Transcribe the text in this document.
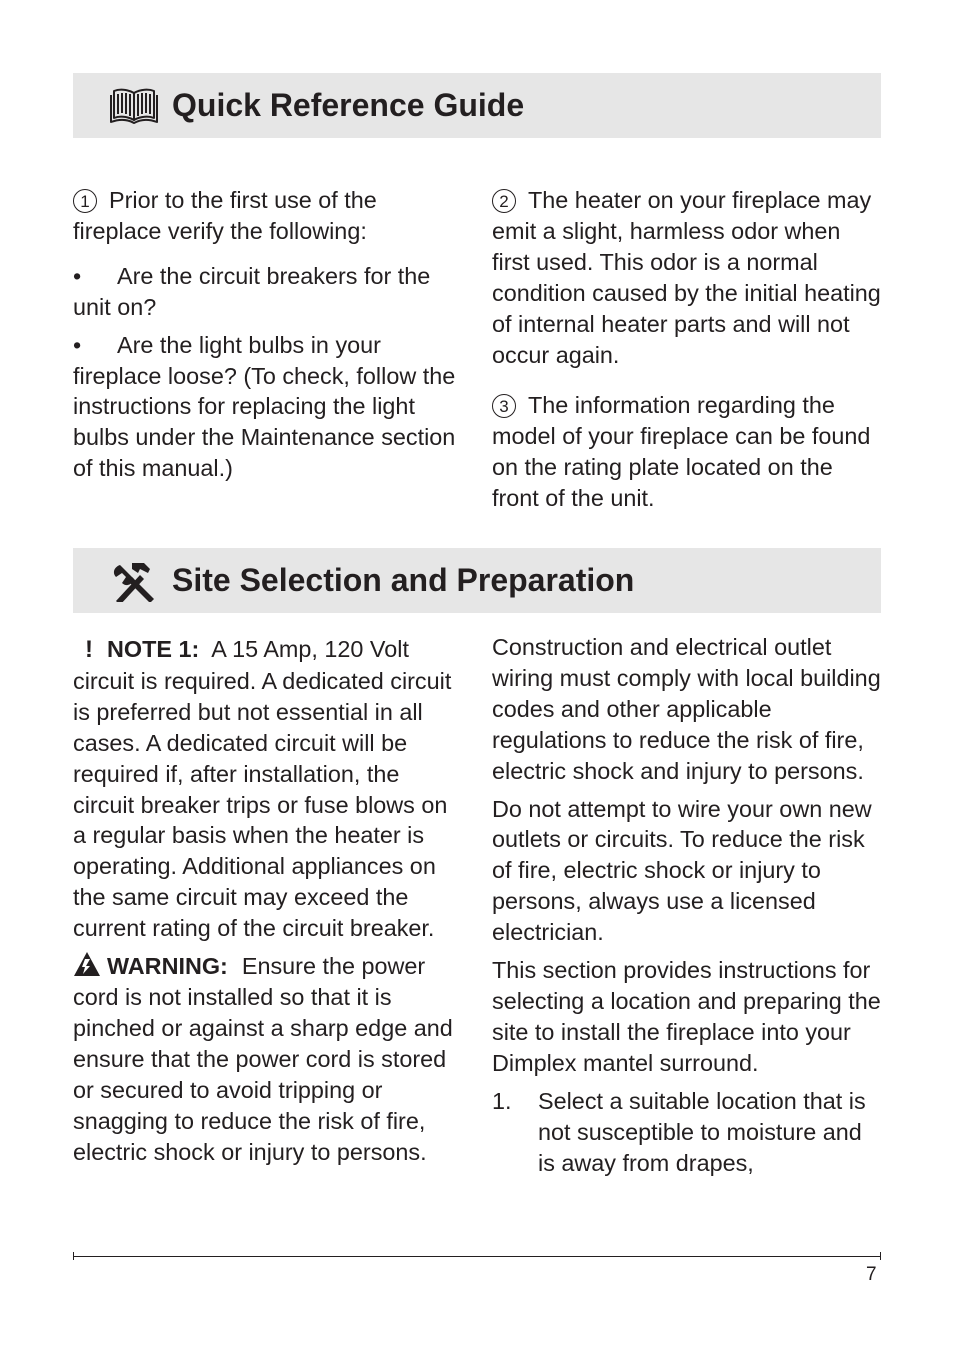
Quick Reference Guide

1 Prior to the first use of the fireplace verify the following:

• Are the circuit breakers for the unit on?

• Are the light bulbs in your fireplace loose? (To check, follow the instructions for replacing the light bulbs under the Maintenance section of this manual.)

2 The heater on your fireplace may emit a slight, harmless odor when first used. This odor is a normal condition caused by the initial heating of internal heater parts and will not occur again.

3 The information regarding the model of your fireplace can be found on the rating plate located on the front of the unit.

Site Selection and Preparation

! NOTE 1: A 15 Amp, 120 Volt circuit is required. A dedicated circuit is preferred but not essential in all cases. A dedicated circuit will be required if, after installation, the circuit breaker trips or fuse blows on a regular basis when the heater is operating. Additional appliances on the same circuit may exceed the current rating of the circuit breaker.

WARNING: Ensure the power cord is not installed so that it is pinched or against a sharp edge and ensure that the power cord is stored or secured to avoid tripping or snagging to reduce the risk of fire, electric shock or injury to persons.

Construction and electrical outlet wiring must comply with local building codes and other applicable regulations to reduce the risk of fire, electric shock and injury to persons.

Do not attempt to wire your own new outlets or circuits. To reduce the risk of fire, electric shock or injury to persons, always use a licensed electrician.

This section provides instructions for selecting a location and preparing the site to install the fireplace into your Dimplex mantel surround.

1. Select a suitable location that is not susceptible to moisture and is away from drapes,
7
